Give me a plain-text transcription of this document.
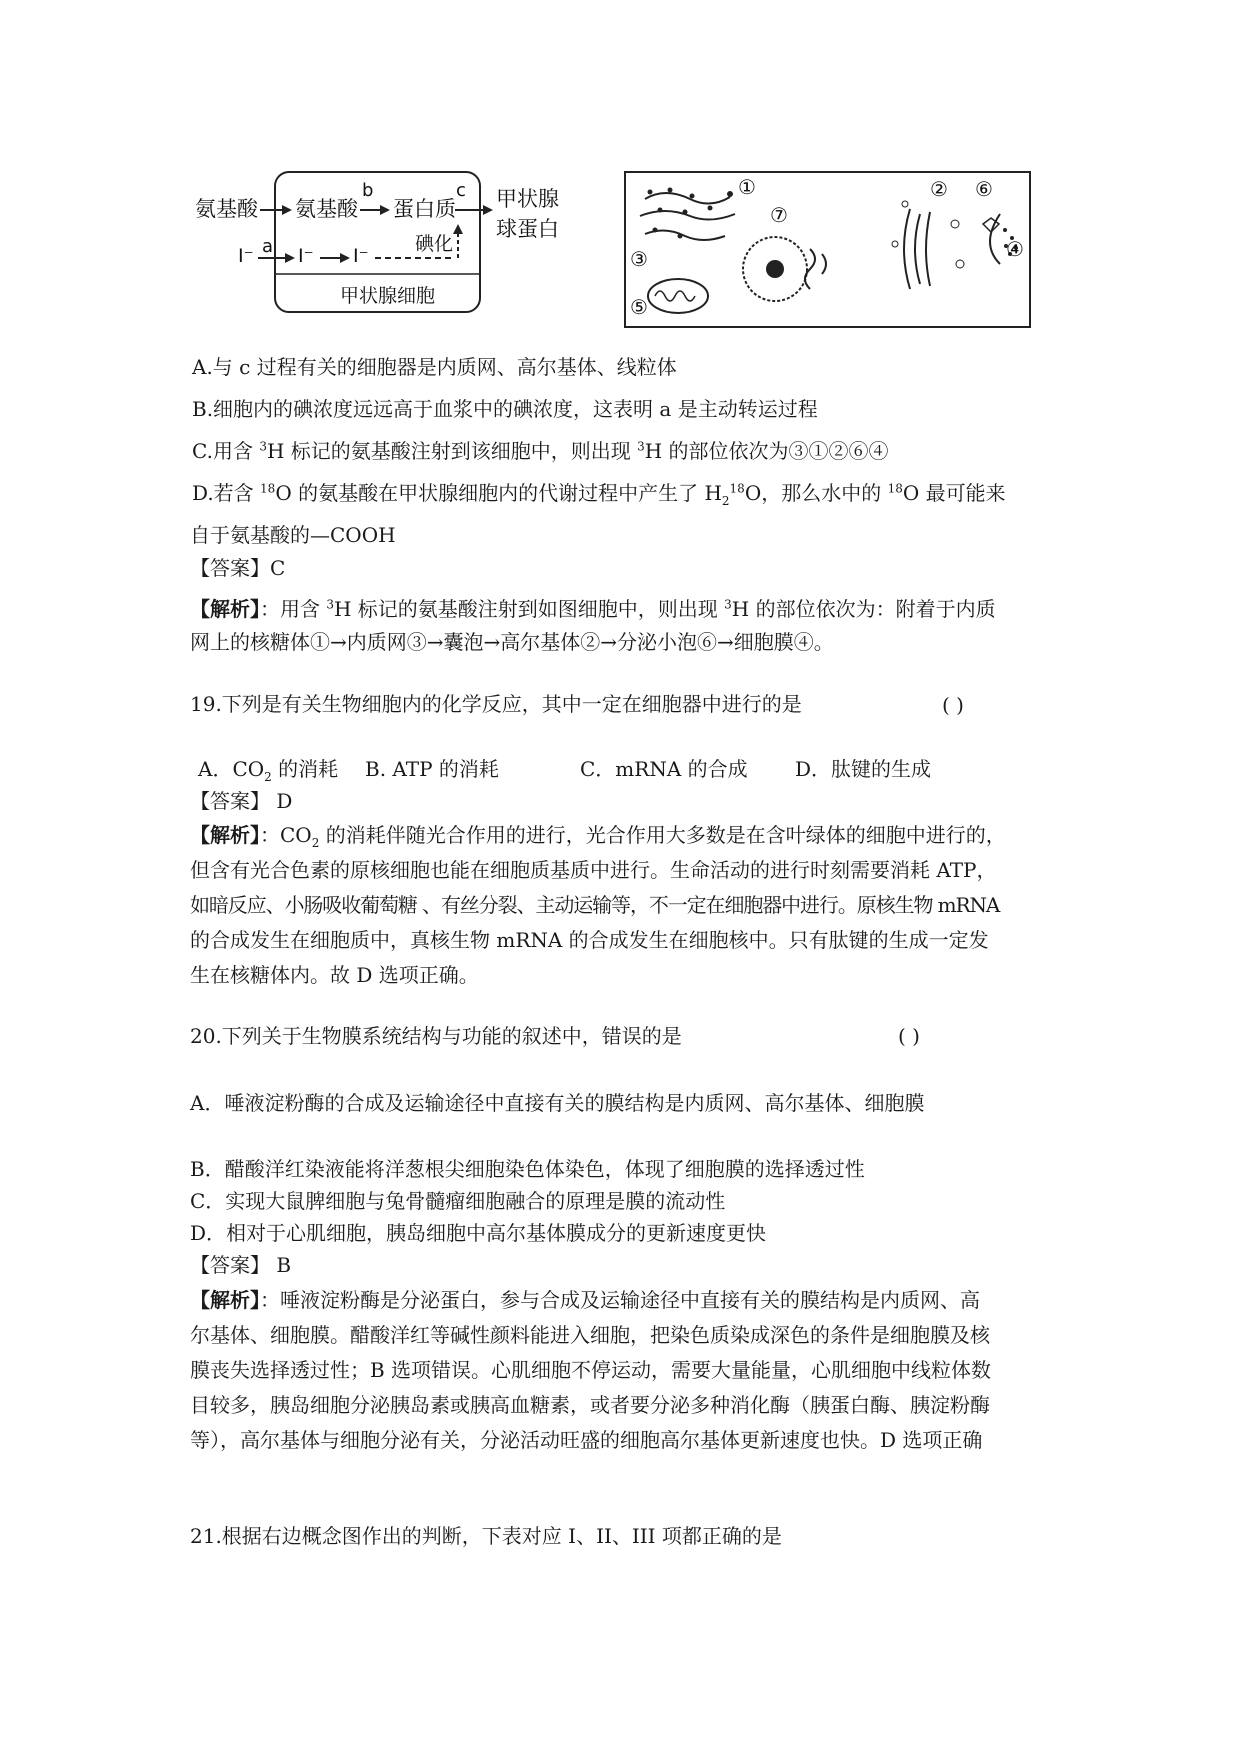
氨基酸 氨基酸
b
蛋白质
c 甲状腺
球蛋白
I⁻ a I⁻ I⁻
碘化
甲状腺细胞
①
③
⑤
⑦
② ⑥
④
A.与 c 过程有关的细胞器是内质网、高尔基体、线粒体
B.细胞内的碘浓度远远高于血浆中的碘浓度，这表明 a 是主动转运过程
C.用含 $^3$H 标记的氨基酸注射到该细胞中，则出现 $^3$H 的部位依次为③①②⑥④
D.若含 $^{18}$O 的氨基酸在甲状腺细胞内的代谢过程中产生了 $H_2^{18}O$，那么水中的 $^{18}$O 最可能来
自于氨基酸的—COOH
【答案】C
【解析】：用含 $^3$H 标记的氨基酸注射到如图细胞中，则出现 $^3$H 的部位依次为：附着于内质
网上的核糖体①→内质网③→囊泡→高尔基体②→分泌小泡⑥→细胞膜④。
19.下列是有关生物细胞内的化学反应，其中一定在细胞器中进行的是	( )
A．$CO_2$ 的消耗 B. ATP 的消耗	C．mRNA 的合成 D．肽键的生成
【答案】 D
【解析】：$CO_2$ 的消耗伴随光合作用的进行，光合作用大多数是在含叶绿体的细胞中进行的，
但含有光合色素的原核细胞也能在细胞质基质中进行。生命活动的进行时刻需要消耗 ATP，
如暗反应、小肠吸收葡萄糖 、有丝分裂、主动运输等，不一定在细胞器中进行。原核生物 mRNA
的合成发生在细胞质中，真核生物 mRNA 的合成发生在细胞核中。只有肽键的生成一定发
生在核糖体内。故 D 选项正确。
20.下列关于生物膜系统结构与功能的叙述中，错误的是	( )
A．唾液淀粉酶的合成及运输途径中直接有关的膜结构是内质网、高尔基体、细胞膜
B．醋酸洋红染液能将洋葱根尖细胞染色体染色，体现了细胞膜的选择透过性
C．实现大鼠脾细胞与兔骨髓瘤细胞融合的原理是膜的流动性
D．相对于心肌细胞，胰岛细胞中高尔基体膜成分的更新速度更快
【答案】 B
【解析】：唾液淀粉酶是分泌蛋白，参与合成及运输途径中直接有关的膜结构是内质网、高
尔基体、细胞膜。醋酸洋红等碱性颜料能进入细胞，把染色质染成深色的条件是细胞膜及核
膜丧失选择透过性；B 选项错误。心肌细胞不停运动，需要大量能量，心肌细胞中线粒体数
目较多，胰岛细胞分泌胰岛素或胰高血糖素，或者要分泌多种消化酶（胰蛋白酶、胰淀粉酶
等），高尔基体与细胞分泌有关，分泌活动旺盛的细胞高尔基体更新速度也快。D 选项正确
21.根据右边概念图作出的判断，下表对应 I、II、III 项都正确的是
